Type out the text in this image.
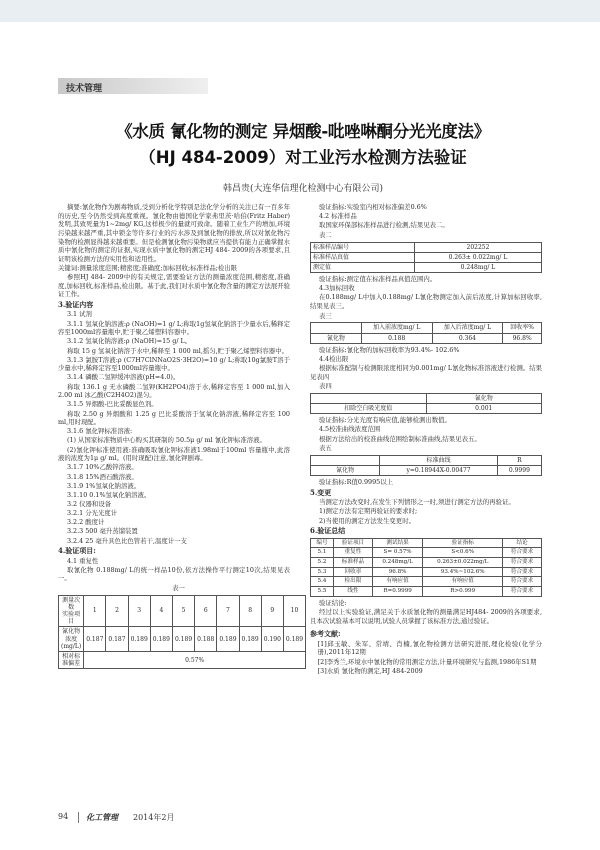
技术管理
《水质 氰化物的测定 异烟酸-吡唑啉酮分光光度法》
（HJ 484-2009）对工业污水检测方法验证
韩昌贵(大连华信理化检测中心有限公司)

摘要:氰化物作为剧毒物质,受到分析化学特别是法化学分析的关注已有一百多年的历史,至今仍然受到高度重视。氰化物由德国化学家弗里茨·哈伯(Fritz Haber)发明,其致死量为1~2mg/ KG,这样极少的量就可致命。随着工业生产的增加,环境污染越来越严重,其中锁金等许多行业的污水涉及到氰化物的排放,所以对氰化物污染物的检测显得越来越重要。但是检测氰化物污染物就应当提供有能力正确掌握水质中氰化物的测定的证据,实现水质中氰化物的测定HJ 484- 2009的各项要求,且证明该检测方法的实用性和适用性。

关键词:测量浓度范围;精密度;准确度;加标回收;标准样品;检出限

参照HJ 484- 2009中的有关规定,需要验证方法的测量浓度范围,精密度,准确度,加标回收,标准样品,检出限。基于此,我们对水质中氰化物含量的测定方法展开验证工作。

3.验证内容

3.1 试剂

3.1.1 氢氧化钠溶液:ρ (NaOH)=1 g/ L;称取1g氢氧化钠溶于少量水后,稀释定容至1000ml容量瓶中,贮于聚乙烯塑料容器中。

3.1.2 氢氧化钠溶液:ρ (NaOH)=15 g/ L。

称取 15 g 氢氧化钠溶于水中,稀释至 1 000 ml,摇匀,贮于聚乙烯塑料容器中。

3.1.3 氯胺T溶液:ρ (C7H7ClNNaO2S·3H2O)=10 g/ L;称取10g氯胺T溶于少量水中,稀释定容至1000ml容量瓶中。

3.1.4 磷酸二氢钾缓冲溶液(pH=4.0)。

称取 136.1 g 无水磷酸二氢钾(KH2PO4)溶于水,稀释定容至 1 000 ml,加入 2.00 ml 冰乙酸(C2H4O2)混匀。

3.1.5 异烟酸-巴比妥酸显色剂。

称取 2.50 g 异烟酸和 1.25 g 巴比妥酸溶于氢氧化钠溶液,稀释定容至 100 ml,用时现配。

3.1.6 氰化钾标准溶液:

(1) 从国家标准物质中心购买其研制的 50.5μ g/ ml 氰化钾标准溶液。

(2)氰化钾标准使用液:准确吸取氰化钾标准液1.98ml于100ml 容量瓶中,此溶液的浓度为1μ g/ ml。(用时现配)注意,氰化钾剧毒。

3.1.7 10%乙酸锌溶液。

3.1.8 15%酒石酸溶液。

3.1.9 1%氢氧化钠溶液。

3.1.10 0.1%氢氧化钠溶液。

3.2 仪器和设备

3.2.1 分光光度计

3.2.2 酸度计

3.2.3 500 毫升蒸馏装置

3.2.4 25 毫升具色比色管若干,温度计一支

4.验证项目:

4.1 重复性

取氰化物 0.188mg/ L的统一样品10份,依方法操作平行测定10次,结果见表一。

表一

测量次数
实验项目	1	2	3	4	5	6	7	8	9	10

氰化物浓度(mg/L)	0.187	0.187	0.189	0.189	0.189	0.188	0.189	0.189	0.190	0.189
相对标准偏差	0.57%									

验证指标:实验室内相对标准偏差0.6%

4.2 标准样品

取国家环保部标准样品进行检测,结果见表二。

表二

标准样品编号	202252
标准样品真值	0.263± 0.022mg/ L
测定值	0.248mg/ L

验证指标:测定值在标准样品真值范围内。

4.3加标回收

在0.188mg/ L中加入0.188mg/ L氰化物测定加入前后浓度,计算加标回收率,结果见表三。

表三

	加入前浓度mg/ L	加入后浓度mg/ L	回收率%
氰化物	0.188	0.364	96.8%

验证指标:氰化物的加标回收率为93.4%- 102.6%

4.4检出限

根据标准配制与检测限浓度相同为0.001mg/ L氰化物标准溶液进行检测。结果见表四

表四

	氰化物
扣除空白吸光度值	0.001

验证指标:分光光度有响应值,能够检测出数值。

4.5校准曲线浓度范围

根据方法给出的校准曲线范围绘制标准曲线,结果见表五。

表五

	标准曲线	R
氰化物	y=0.18944X-0.00477	0.9999

验证指标:R值0.9995以上

5.变更

当测定方法改变时,在发生下列情形之一时,须进行测定方法的再验证。

1)测定方法有定期再验证的要求时;

2)当使用的测定方法发生变更时。

6.验证总结

编号	验证项目	测试结果	验证指标	结论
5.1	重复性	S= 0.57%	S<0.6%	符合要求
5.2	标准样品	0.248mg/L	0.263±0.022mg/L	符合要求
5.3	回收率	96.8%	93.4%~102.6%	符合要求
5.4	检出限	有响应值	有响应值	符合要求
5.5	线性	R=0.9999	R>0.999	符合要求

验证结论:

经过以上实验验证,满足关于水质氰化物的测量满足HJ484- 2009的各项要求,且本次试验基本可以说明,试验人员掌握了该标准方法,通过验证。

参考文献:

[1]邱玉敏、朱军、常靖、肖楠,氰化物检测方法研究进展,理化检验(化学分册),2011年12期

[2]李秀兰,环境水中氰化物的常用测定方法,计量环境研究与监测,1986年S1期

[3]水质 氰化物的测定,HJ 484-2009

94 化工管理 2014年2月
